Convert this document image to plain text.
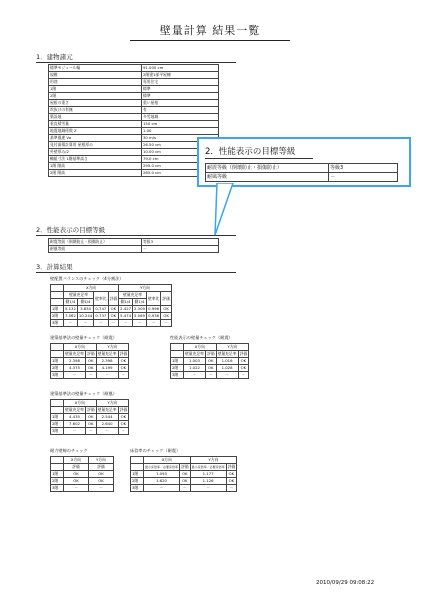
壁量計算 結果一覧
1．建物諸元
標準モジュール幅	91.000 cm
規模	2階建1部平屋棟
用途	専用住宅
1階	標準
2階	標準
屋根の重さ	重い屋根
吹抜けの有無	有
築設地	多雪地域
垂直積雪量	150 cm
地震地域係数 Z	1.00
基準風速 Vo	30 m/s
見付面積計算用 屋根厚み	26.50 cm
外壁厚み/2	10.00 cm
軸組寸法 1階基準高さ	79.0 cm
1階 階高	295.0 cm
2階 階高	265.0 cm
2．性能表示の目標等級
耐震等級（倒壊防止・損傷防止）	等級3
耐風等級	－
3．計算結果
壁配置バランスのチェック（4分割法）
	X方向				Y方向			
	壁量充足率		壁率比	評価	壁量充足率		壁率比	評価
	側1/4	側1/4			側1/4	側1/4		
1階	5.132	3.834	0.747	OK	2.427	2.309	0.996	OK
2階	7.562	10.244	0.737	OK	5.474	5.069	0.938	OK
3階	－	－	－	－	－	－	－	－
建築基準法の壁量チェック（耐震）
	X方向		Y方向	
	壁量充足率	評価	壁量充足率	評価
1階	2.398	OK	2.398	OK
2階	4.375	OK	4.199	OK
3階	－	－	－	－
性能表示の壁量チェック（耐震）
	X方向		Y方向	
	壁量充足率	評価	壁量充足率	評価
1階	1.003	OK	1.016	OK
2階	1.022	OK	1.028	OK
3階	－	－	－	－
建築基準法の壁量チェック（耐風）
	X方向		Y方向	
	壁量充足率	評価	壁量充足率	評価
1階	4.435	OK	2.544	OK
2階	7.602	OK	2.640	OK
3階	－	－	－	－
耐力壁線のチェック
	X方向	Y方向
	評価	評価
1階	OK	OK
2階	OK	OK
3階	－	－
床倍率のチェック（耐震）
	X方向		Y方向	
	最小床倍率／必要床倍率	評価	最小床倍率／必要床倍率	評価
1階	1.093	OK	1.177	OK
2階	1.620	OK	1.126	OK
3階	－	－	－	－
2．性能表示の目標等級
耐震等級（倒壊防止・損傷防止）	等級3
耐風等級	－
2010/09/29 09:08:22
